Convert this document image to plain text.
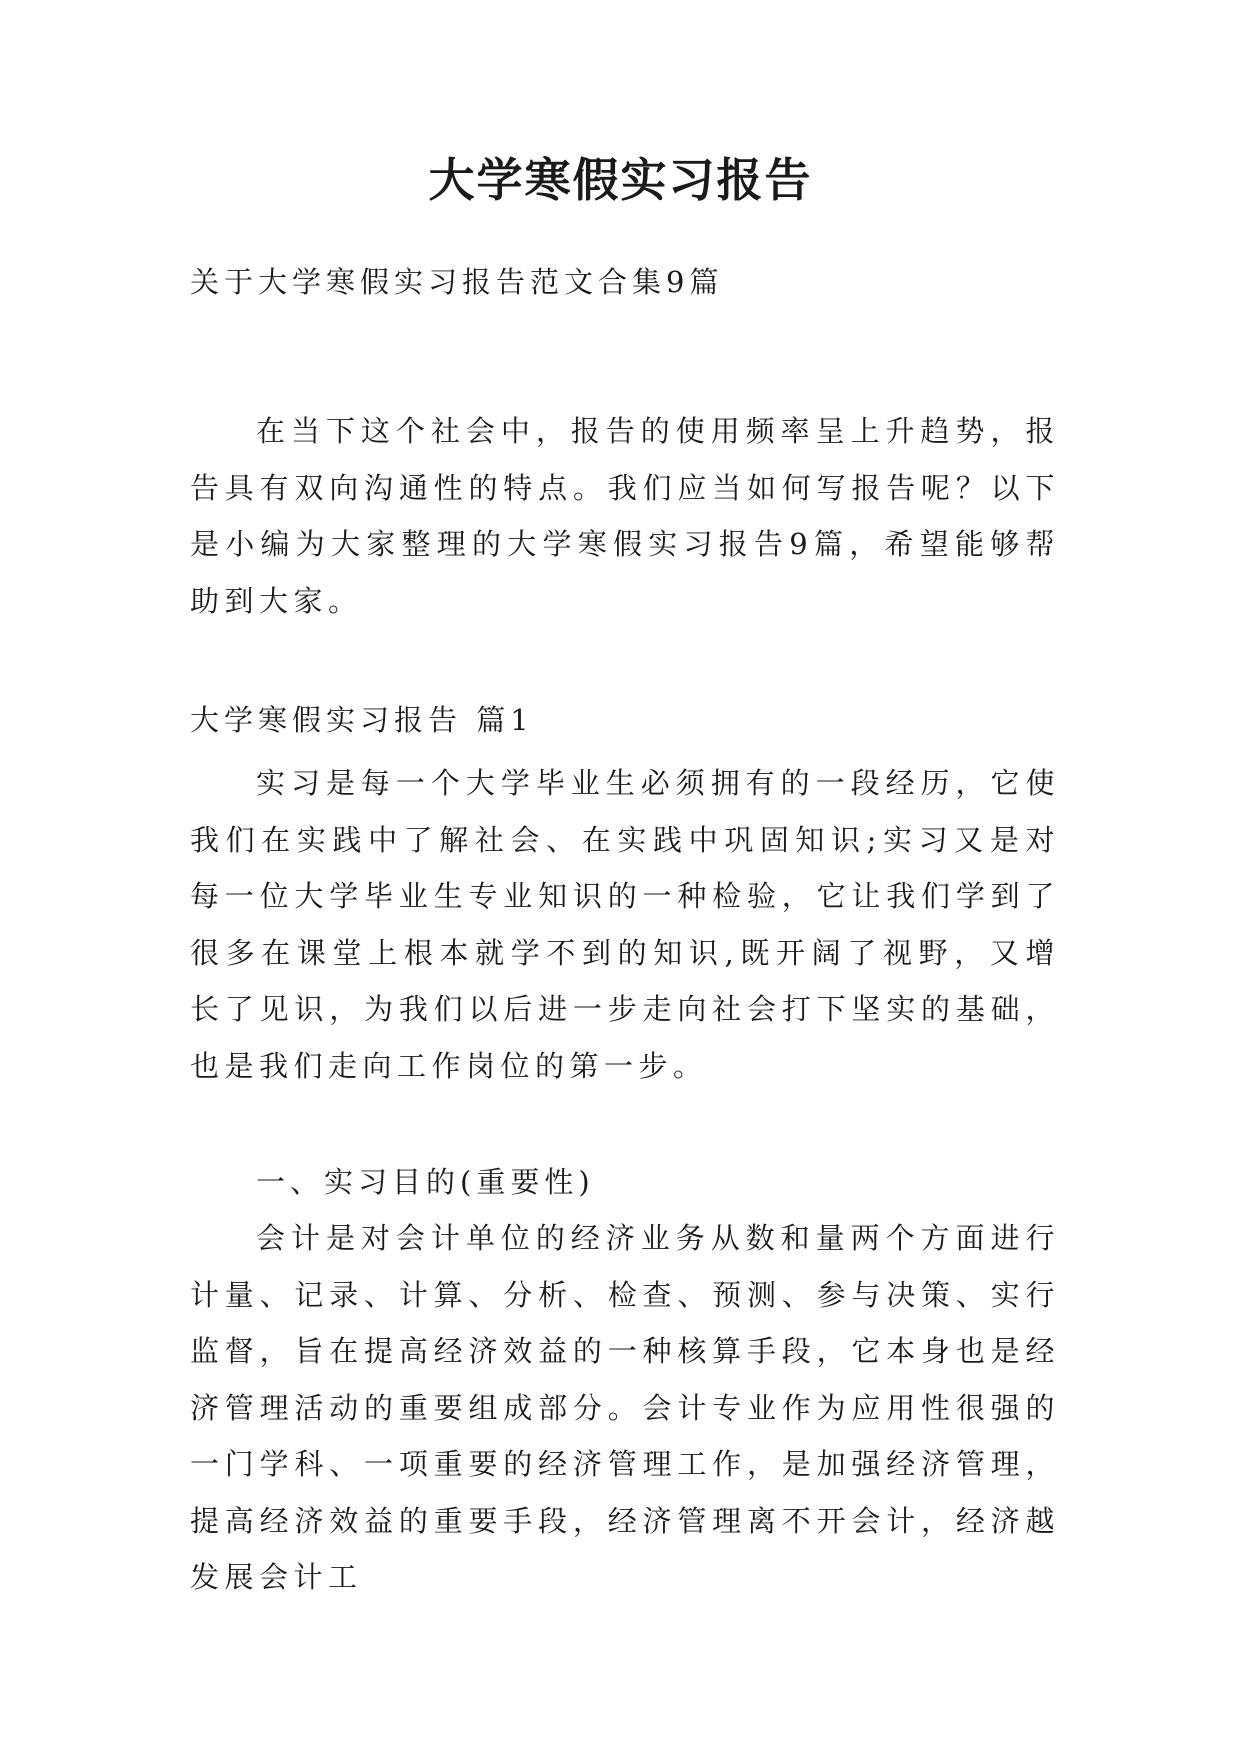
大学寒假实习报告

关于大学寒假实习报告范文合集9篇

在当下这个社会中，报告的使用频率呈上升趋势，报告具有双向沟通性的特点。我们应当如何写报告呢？以下是小编为大家整理的大学寒假实习报告9篇，希望能够帮助到大家。

大学寒假实习报告 篇1

实习是每一个大学毕业生必须拥有的一段经历，它使我们在实践中了解社会、在实践中巩固知识;实习又是对每一位大学毕业生专业知识的一种检验，它让我们学到了很多在课堂上根本就学不到的知识,既开阔了视野，又增长了见识，为我们以后进一步走向社会打下坚实的基础，也是我们走向工作岗位的第一步。

一、实习目的(重要性)

会计是对会计单位的经济业务从数和量两个方面进行计量、记录、计算、分析、检查、预测、参与决策、实行监督，旨在提高经济效益的一种核算手段，它本身也是经济管理活动的重要组成部分。会计专业作为应用性很强的一门学科、一项重要的经济管理工作，是加强经济管理，提高经济效益的重要手段，经济管理离不开会计，经济越发展会计工
